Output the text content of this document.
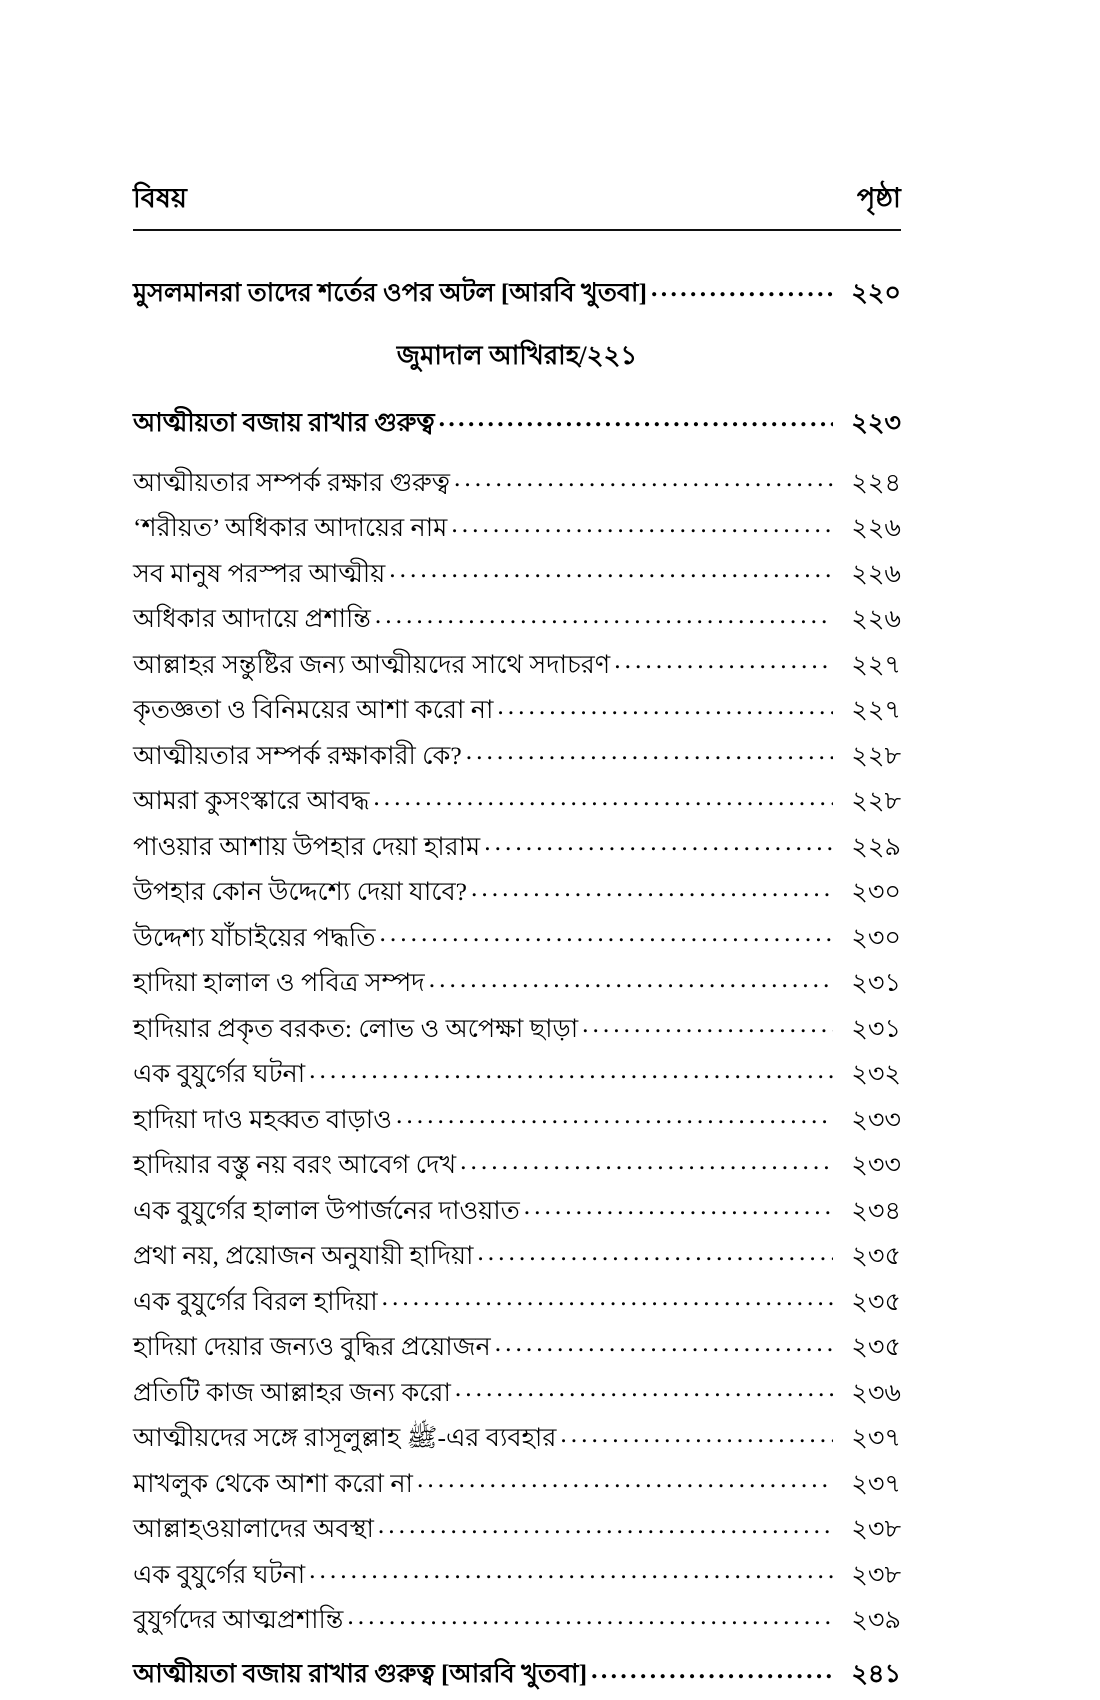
বিষয়	পৃষ্ঠা
মুসলমানরা তাদের শর্তের ওপর অটল [আরবি খুতবা] .....	২২০
জুমাদাল আখিরাহ/২২১
আত্মীয়তা বজায় রাখার গুরুত্ব .....	২২৩
আত্মীয়তার সম্পর্ক রক্ষার গুরুত্ব .....	২২৪
‘শরীয়ত’ অধিকার আদায়ের নাম .....	২২৬
সব মানুষ পরস্পর আত্মীয় .....	২২৬
অধিকার আদায়ে প্রশান্তি .....	২২৬
আল্লাহর সন্তুষ্টির জন্য আত্মীয়দের সাথে সদাচরণ .....	২২৭
কৃতজ্ঞতা ও বিনিময়ের আশা করো না .....	২২৭
আত্মীয়তার সম্পর্ক রক্ষাকারী কে? .....	২২৮
আমরা কুসংস্কারে আবদ্ধ .....	২২৮
পাওয়ার আশায় উপহার দেয়া হারাম .....	২২৯
উপহার কোন উদ্দেশ্যে দেয়া যাবে? .....	২৩০
উদ্দেশ্য যাঁচাইয়ের পদ্ধতি .....	২৩০
হাদিয়া হালাল ও পবিত্র সম্পদ .....	২৩১
হাদিয়ার প্রকৃত বরকত: লোভ ও অপেক্ষা ছাড়া .....	২৩১
এক বুযুর্গের ঘটনা .....	২৩২
হাদিয়া দাও মহব্বত বাড়াও .....	২৩৩
হাদিয়ার বস্তু নয় বরং আবেগ দেখ .....	২৩৩
এক বুযুর্গের হালাল উপার্জনের দাওয়াত .....	২৩৪
প্রথা নয়, প্রয়োজন অনুযায়ী হাদিয়া .....	২৩৫
এক বুযুর্গের বিরল হাদিয়া .....	২৩৫
হাদিয়া দেয়ার জন্যও বুদ্ধির প্রয়োজন .....	২৩৫
প্রতিটি কাজ আল্লাহর জন্য করো .....	২৩৬
আত্মীয়দের সঙ্গে রাসূলুল্লাহ ﷺ-এর ব্যবহার .....	২৩৭
মাখলুক থেকে আশা করো না .....	২৩৭
আল্লাহওয়ালাদের অবস্থা .....	২৩৮
এক বুযুর্গের ঘটনা .....	২৩৮
বুযুর্গদের আত্মপ্রশান্তি .....	২৩৯
আত্মীয়তা বজায় রাখার গুরুত্ব [আরবি খুতবা] .....	২৪১
